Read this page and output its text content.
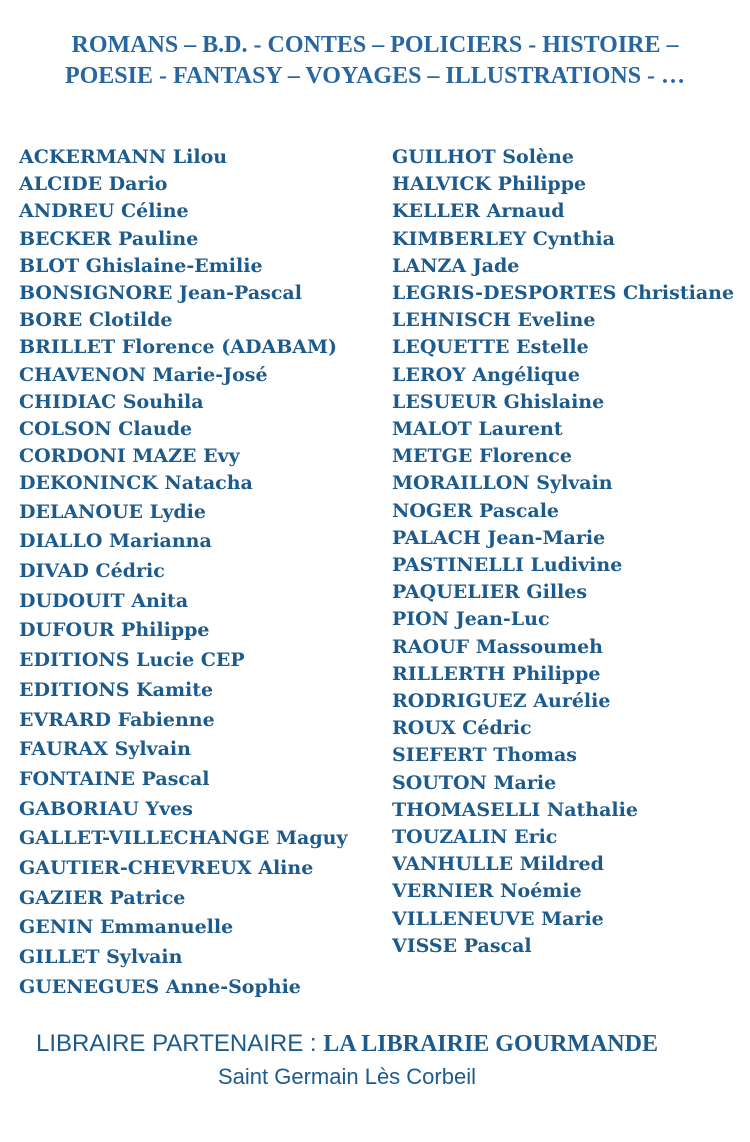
ROMANS – B.D. - CONTES – POLICIERS - HISTOIRE –
POESIE - FANTASY – VOYAGES – ILLUSTRATIONS - …
ACKERMANN Lilou
ALCIDE Dario
ANDREU Céline
BECKER Pauline
BLOT Ghislaine-Emilie
BONSIGNORE Jean-Pascal
BORE Clotilde
BRILLET Florence (ADABAM)
CHAVENON Marie-José
CHIDIAC Souhila
COLSON Claude
CORDONI MAZE Evy
DEKONINCK Natacha
DELANOUE Lydie
DIALLO Marianna
DIVAD Cédric
DUDOUIT Anita
DUFOUR Philippe
EDITIONS Lucie CEP
EDITIONS Kamite
EVRARD Fabienne
FAURAX Sylvain
FONTAINE Pascal
GABORIAU Yves
GALLET-VILLECHANGE Maguy
GAUTIER-CHEVREUX Aline
GAZIER Patrice
GENIN Emmanuelle
GILLET Sylvain
GUENEGUES Anne-Sophie
GUILHOT Solène
HALVICK Philippe
KELLER Arnaud
KIMBERLEY Cynthia
LANZA Jade
LEGRIS-DESPORTES Christiane
LEHNISCH Eveline
LEQUETTE Estelle
LEROY Angélique
LESUEUR Ghislaine
MALOT Laurent
METGE Florence
MORAILLON Sylvain
NOGER Pascale
PALACH Jean-Marie
PASTINELLI Ludivine
PAQUELIER Gilles
PION Jean-Luc
RAOUF Massoumeh
RILLERTH Philippe
RODRIGUEZ Aurélie
ROUX Cédric
SIEFERT Thomas
SOUTON Marie
THOMASELLI Nathalie
TOUZALIN Eric
VANHULLE Mildred
VERNIER Noémie
VILLENEUVE Marie
VISSE Pascal
LIBRAIRE PARTENAIRE : LA LIBRAIRIE GOURMANDE
Saint Germain Lès Corbeil
